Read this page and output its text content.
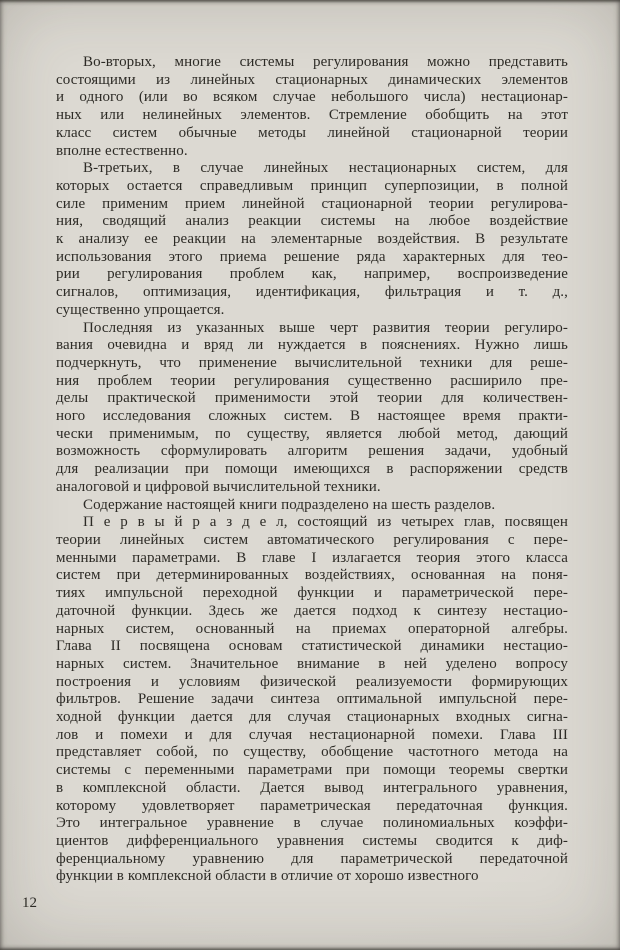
Во-вторых, многие системы регулирования можно представить
состоящими из линейных стационарных динамических элементов
и одного (или во всяком случае небольшого числа) нестационар-
ных или нелинейных элементов. Стремление обобщить на этот
класс систем обычные методы линейной стационарной теории
вполне естественно.

В-третьих, в случае линейных нестационарных систем, для
которых остается справедливым принцип суперпозиции, в полной
силе применим прием линейной стационарной теории регулирова-
ния, сводящий анализ реакции системы на любое воздействие
к анализу ее реакции на элементарные воздействия. В результате
использования этого приема решение ряда характерных для тео-
рии регулирования проблем как, например, воспроизведение
сигналов, оптимизация, идентификация, фильтрация и т. д.,
существенно упрощается.

Последняя из указанных выше черт развития теории регулиро-
вания очевидна и вряд ли нуждается в пояснениях. Нужно лишь
подчеркнуть, что применение вычислительной техники для реше-
ния проблем теории регулирования существенно расширило пре-
делы практической применимости этой теории для количествен-
ного исследования сложных систем. В настоящее время практи-
чески применимым, по существу, является любой метод, дающий
возможность сформулировать алгоритм решения задачи, удобный
для реализации при помощи имеющихся в распоряжении средств
аналоговой и цифровой вычислительной техники.

Содержание настоящей книги подразделено на шесть разделов.

П е р в ы й р а з д е л, состоящий из четырех глав, посвящен
теории линейных систем автоматического регулирования с пере-
менными параметрами. В главе I излагается теория этого класса
систем при детерминированных воздействиях, основанная на поня-
тиях импульсной переходной функции и параметрической пере-
даточной функции. Здесь же дается подход к синтезу нестацио-
нарных систем, основанный на приемах операторной алгебры.
Глава II посвящена основам статистической динамики нестацио-
нарных систем. Значительное внимание в ней уделено вопросу
построения и условиям физической реализуемости формирующих
фильтров. Решение задачи синтеза оптимальной импульсной пере-
ходной функции дается для случая стационарных входных сигна-
лов и помехи и для случая нестационарной помехи. Глава III
представляет собой, по существу, обобщение частотного метода на
системы с переменными параметрами при помощи теоремы свертки
в комплексной области. Дается вывод интегрального уравнения,
которому удовлетворяет параметрическая передаточная функция.
Это интегральное уравнение в случае полиномиальных коэффи-
циентов дифференциального уравнения системы сводится к диф-
ференциальному уравнению для параметрической передаточной
функции в комплексной области в отличие от хорошо известного

12
